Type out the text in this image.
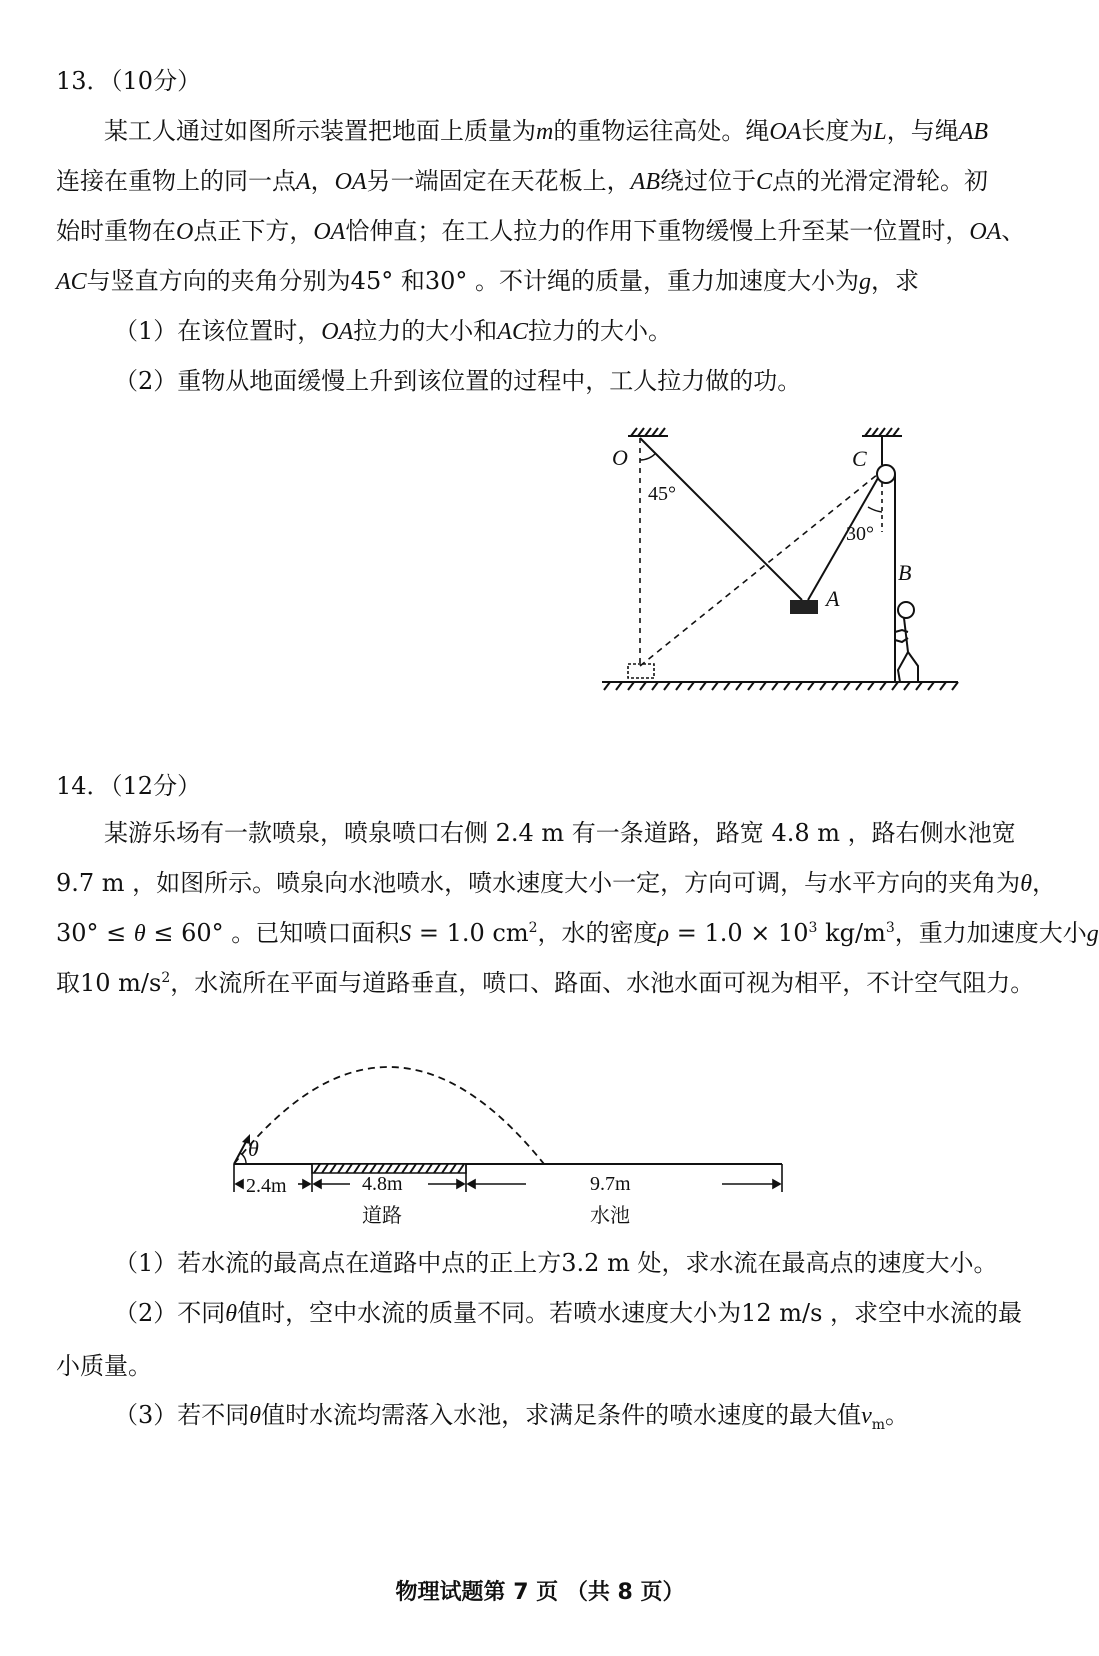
13．（10分）
某工人通过如图所示装置把地面上质量为m的重物运往高处。绳OA长度为L，与绳AB
连接在重物上的同一点A，OA另一端固定在天花板上，AB绕过位于C点的光滑定滑轮。初
始时重物在O点正下方，OA恰伸直；在工人拉力的作用下重物缓慢上升至某一位置时，OA、
AC与竖直方向的夹角分别为45° 和30° 。不计绳的质量，重力加速度大小为g，求
（1）在该位置时，OA拉力的大小和AC拉力的大小。
（2）重物从地面缓慢上升到该位置的过程中，工人拉力做的功。
O	C
A
B
45°
30°
14．（12分）
某游乐场有一款喷泉，喷泉喷口右侧 2.4 m 有一条道路，路宽 4.8 m ，路右侧水池宽
9.7 m ，如图所示。喷泉向水池喷水，喷水速度大小一定，方向可调，与水平方向的夹角为θ，
30° ≤ θ ≤ 60° 。已知喷口面积S = 1.0 $cm^2$，水的密度$\rho = 1.0 \times 10^3$ $kg/m^3$，重力加速度大小g
取10 $m/s^2$，水流所在平面与道路垂直，喷口、路面、水池水面可视为相平，不计空气阻力。
θ
2.4m	4.8m	9.7m
道路	水池
（1）若水流的最高点在道路中点的正上方3.2 m 处，求水流在最高点的速度大小。
（2）不同θ值时，空中水流的质量不同。若喷水速度大小为12 m/s ，求空中水流的最
小质量。
（3）若不同θ值时水流均需落入水池，求满足条件的喷水速度的最大值$v_m$。
物理试题第 7 页 （共 8 页）
